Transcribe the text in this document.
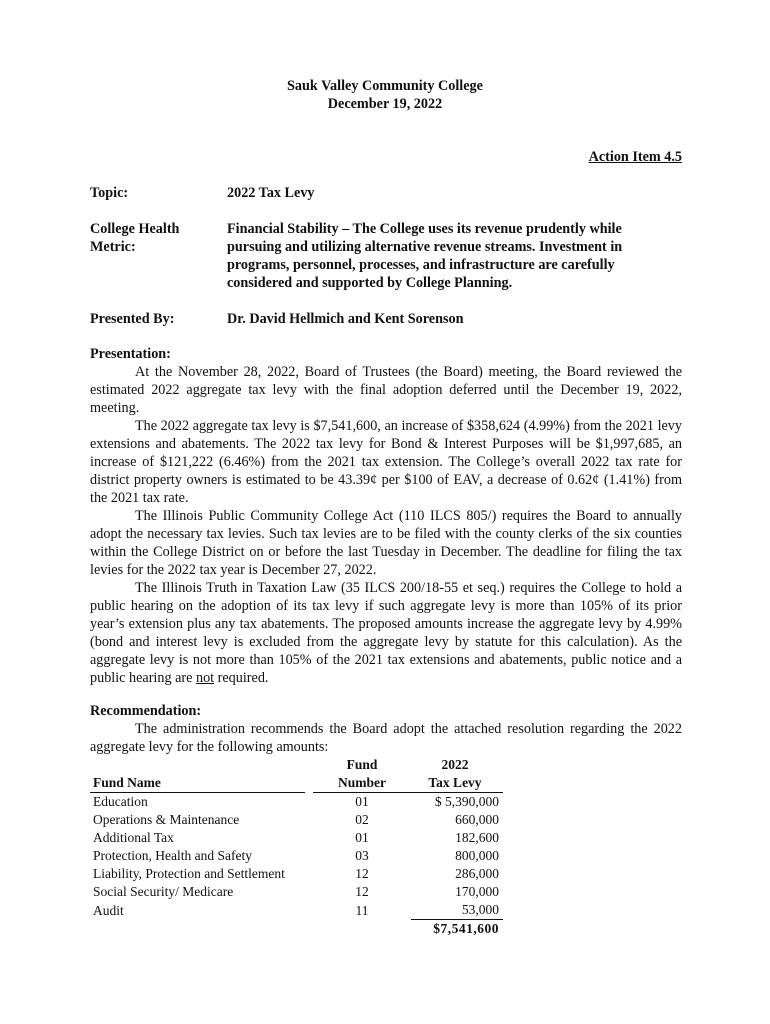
Sauk Valley Community College
December 19, 2022
Action Item 4.5
Topic:	2022 Tax Levy
College Health
Metric:
Financial Stability – The College uses its revenue prudently while pursuing and utilizing alternative revenue streams. Investment in programs, personnel, processes, and infrastructure are carefully considered and supported by College Planning.
Presented By:	Dr. David Hellmich and Kent Sorenson
Presentation:

At the November 28, 2022, Board of Trustees (the Board) meeting, the Board reviewed the estimated 2022 aggregate tax levy with the final adoption deferred until the December 19, 2022, meeting.

The 2022 aggregate tax levy is $7,541,600, an increase of $358,624 (4.99%) from the 2021 levy extensions and abatements. The 2022 tax levy for Bond & Interest Purposes will be $1,997,685, an increase of $121,222 (6.46%) from the 2021 tax extension. The College’s overall 2022 tax rate for district property owners is estimated to be 43.39¢ per $100 of EAV, a decrease of 0.62¢ (1.41%) from the 2021 tax rate.

The Illinois Public Community College Act (110 ILCS 805/) requires the Board to annually adopt the necessary tax levies. Such tax levies are to be filed with the county clerks of the six counties within the College District on or before the last Tuesday in December. The deadline for filing the tax levies for the 2022 tax year is December 27, 2022.

The Illinois Truth in Taxation Law (35 ILCS 200/18-55 et seq.) requires the College to hold a public hearing on the adoption of its tax levy if such aggregate levy is more than 105% of its prior year’s extension plus any tax abatements. The proposed amounts increase the aggregate levy by 4.99% (bond and interest levy is excluded from the aggregate levy by statute for this calculation). As the aggregate levy is not more than 105% of the 2021 tax extensions and abatements, public notice and a public hearing are not required.

Recommendation:

The administration recommends the Board adopt the attached resolution regarding the 2022 aggregate levy for the following amounts:

		Fund	2022
Fund Name		Number	Tax Levy
Education		01	$ 5,390,000
Operations & Maintenance		02	660,000
Additional Tax		01	182,600
Protection, Health and Safety		03	800,000
Liability, Protection and Settlement		12	286,000
Social Security/ Medicare		12	170,000
Audit		11	53,000
			$7,541,600
